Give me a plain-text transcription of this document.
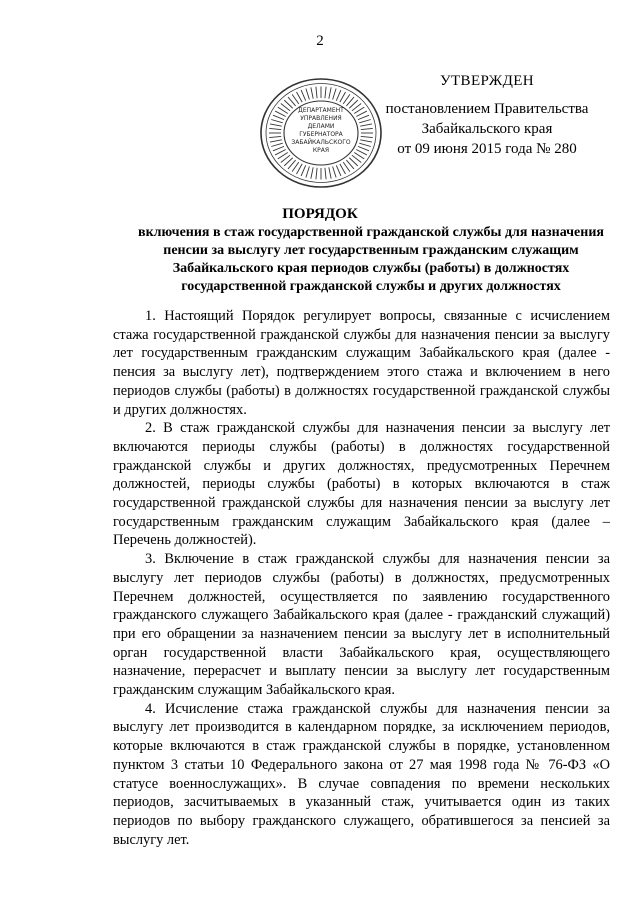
2
ДЕПАРТАМЕНТ
УПРАВЛЕНИЯ
ДЕЛАМИ
ГУБЕРНАТОРА
ЗАБАЙКАЛЬСКОГО
КРАЯ
УТВЕРЖДЕН
постановлением Правительства
Забайкальского края
от 09 июня 2015 года № 280
ПОРЯДОК
включения в стаж государственной гражданской службы для назначения пенсии за выслугу лет государственным гражданским служащим Забайкальского края периодов службы (работы) в должностях государственной гражданской службы и других должностях

1. Настоящий Порядок регулирует вопросы, связанные с исчислением стажа государственной гражданской службы для назначения пенсии за выслугу лет государственным гражданским служащим Забайкальского края (далее - пенсия за выслугу лет), подтверждением этого стажа и включением в него периодов службы (работы) в должностях государственной гражданской службы и других должностях.

2. В стаж гражданской службы для назначения пенсии за выслугу лет включаются периоды службы (работы) в должностях государственной гражданской службы и других должностях, предусмотренных Перечнем должностей, периоды службы (работы) в которых включаются в стаж государственной гражданской службы для назначения пенсии за выслугу лет государственным гражданским служащим Забайкальского края (далее – Перечень должностей).

3. Включение в стаж гражданской службы для назначения пенсии за выслугу лет периодов службы (работы) в должностях, предусмотренных Перечнем должностей, осуществляется по заявлению государственного гражданского служащего Забайкальского края (далее - гражданский служащий) при его обращении за назначением пенсии за выслугу лет в исполнительный орган государственной власти Забайкальского края, осуществляющего назначение, перерасчет и выплату пенсии за выслугу лет государственным гражданским служащим Забайкальского края.

4. Исчисление стажа гражданской службы для назначения пенсии за выслугу лет производится в календарном порядке, за исключением периодов, которые включаются в стаж гражданской службы в порядке, установленном пунктом 3 статьи 10 Федерального закона от 27 мая 1998 года № 76-ФЗ «О статусе военнослужащих». В случае совпадения по времени нескольких периодов, засчитываемых в указанный стаж, учитывается один из таких периодов по выбору гражданского служащего, обратившегося за пенсией за выслугу лет.
